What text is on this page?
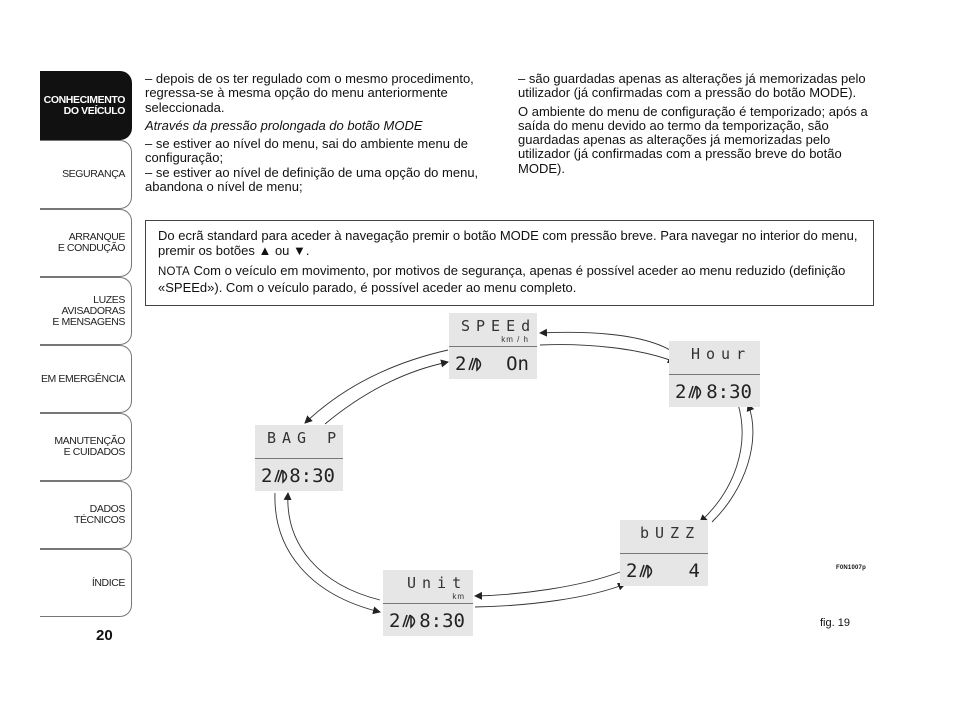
CONHECIMENTO
DO VEÍCULO
SEGURANÇA
ARRANQUE
E CONDUÇÃO
LUZES
AVISADORAS
E MENSAGENS
EM EMERGÊNCIA
MANUTENÇÃO
E CUIDADOS
DADOS
TÉCNICOS
ÍNDICE
20

– depois de os ter regulado com o mesmo procedimento, regressa-se à mesma opção do menu anteriormente seleccionada.

Através da pressão prolongada do botão MODE

– se estiver ao nível do menu, sai do ambiente menu de configuração;

– se estiver ao nível de definição de uma opção do menu, abandona o nível de menu;

– são guardadas apenas as alterações já memorizadas pelo utilizador (já confirmadas com a pressão do botão MODE).

O ambiente do menu de configuração é temporizado; após a saída do menu devido ao termo da temporização, são guardadas apenas as alterações já memorizadas pelo utilizador (já confirmadas com a pressão breve do botão MODE).

Do ecrã standard para aceder à navegação premir o botão MODE com pressão breve. Para navegar no interior do menu, premir os botões ▲ ou ▼.

NOTA Com o veículo em movimento, por motivos de segurança, apenas é possível aceder ao menu reduzido (definição «SPEEd»). Com o veículo parado, é possível aceder ao menu completo.

SPEEd
km / h
2 On	Hour
2 8:30
BAG P
2 8:30
bUZZ
2	4
Unit
km
2 8:30
F0N1007p
fig. 19
